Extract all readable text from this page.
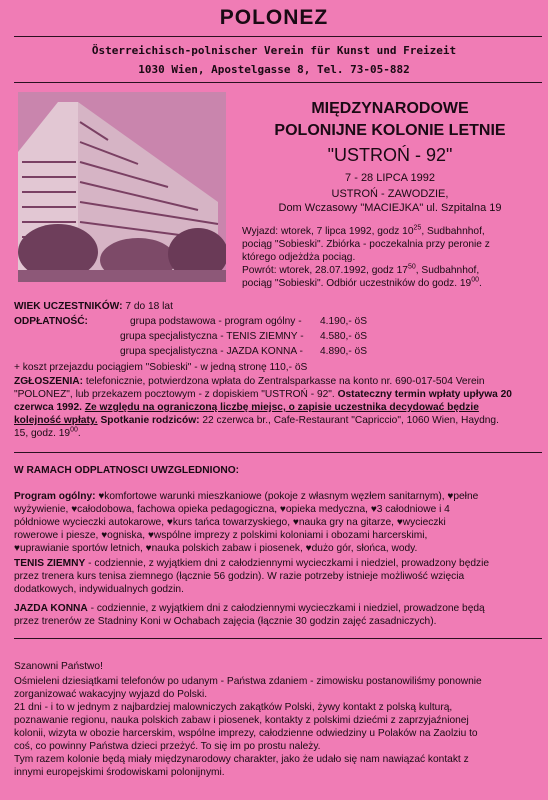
POLONEZ
Österreichisch-polnischer Verein für Kunst und Freizeit
1030 Wien, Apostelgasse 8, Tel. 73-05-882
MIĘDZYNARODOWE
POLONIJNE KOLONIE LETNIE
"USTROŃ - 92"
7 - 28 LIPCA 1992
USTROŃ - ZAWODZIE,
Dom Wczasowy "MACIEJKA" ul. Szpitalna 19
Wyjazd: wtorek, 7 lipca 1992, godz $10^{25}$, Sudbahnhof,
pociąg "Sobieski". Zbiórka - poczekalnia przy peronie z
którego odjeżdża pociąg.
Powrót: wtorek, 28.07.1992, godz $17^{50}$, Sudbahnhof,
pociąg "Sobieski". Odbiór uczestników do godz. $19^{00}$.
WIEK UCZESTNIKÓW: 7 do 18 lat
ODPŁATNOŚĆ:	grupa podstawowa - program ogólny - 4.190,- öS
grupa specjalistyczna - TENIS ZIEMNY - 4.580,- öS
grupa specjalistyczna - JAZDA KONNA - 4.890,- öS
+ koszt przejazdu pociągiem "Sobieski" - w jedną stronę 110,- öS
ZGŁOSZENIA: telefonicznie, potwierdzona wpłata do Zentralsparkasse na konto nr. 690-017-504 Verein
"POLONEZ", lub przekazem pocztowym - z dopiskiem "USTROŃ - 92". Ostateczny termin wpłaty upływa 20
czerwca 1992. Ze względu na ograniczoną liczbę miejsc, o zapisie uczestnika decydować będzie
kolejność wpłaty. Spotkanie rodziców: 22 czerwca br., Cafe-Restaurant "Capriccio", 1060 Wien, Haydng.
15, godz. $19^{00}$.
W RAMACH ODPLATNOSCI UWZGLEDNIONO:
Program ogólny: ♥komfortowe warunki mieszkaniowe (pokoje z własnym węzłem sanitarnym), ♥pełne
wyżywienie, ♥całodobowa, fachowa opieka pedagogiczna, ♥opieka medyczna, ♥3 całodniowe i 4
półdniowe wycieczki autokarowe, ♥kurs tańca towarzyskiego, ♥nauka gry na gitarze, ♥wycieczki
rowerowe i piesze, ♥ogniska, ♥wspólne imprezy z polskimi koloniami i obozami harcerskimi,
♥uprawianie sportów letnich, ♥nauka polskich zabaw i piosenek, ♥dużo gór, słońca, wody.
TENIS ZIEMNY - codziennie, z wyjątkiem dni z całodziennymi wycieczkami i niedziel, prowadzony będzie
przez trenera kurs tenisa ziemnego (łącznie 56 godzin). W razie potrzeby istnieje możliwość wzięcia
dodatkowych, indywidualnych godzin.
JAZDA KONNA - codziennie, z wyjątkiem dni z całodziennymi wycieczkami i niedziel, prowadzone będą
przez trenerów ze Stadniny Koni w Ochabach zajęcia (łącznie 30 godzin zajęć zasadniczych).
Szanowni Państwo!
Ośmieleni dziesiątkami telefonów po udanym - Państwa zdaniem - zimowisku postanowiliśmy ponownie
zorganizować wakacyjny wyjazd do Polski.
21 dni - i to w jednym z najbardziej malowniczych zakątków Polski, żywy kontakt z polską kulturą,
poznawanie regionu, nauka polskich zabaw i piosenek, kontakty z polskimi dziećmi z zaprzyjaźnionej
kolonii, wizyta w obozie harcerskim, wspólne imprezy, całodzienne odwiedziny u Polaków na Zaolziu to
coś, co powinny Państwa dzieci przeżyć. To się im po prostu należy.
Tym razem kolonie będą miały międzynarodowy charakter, jako że udało się nam nawiązać kontakt z
innymi europejskimi środowiskami polonijnymi.
